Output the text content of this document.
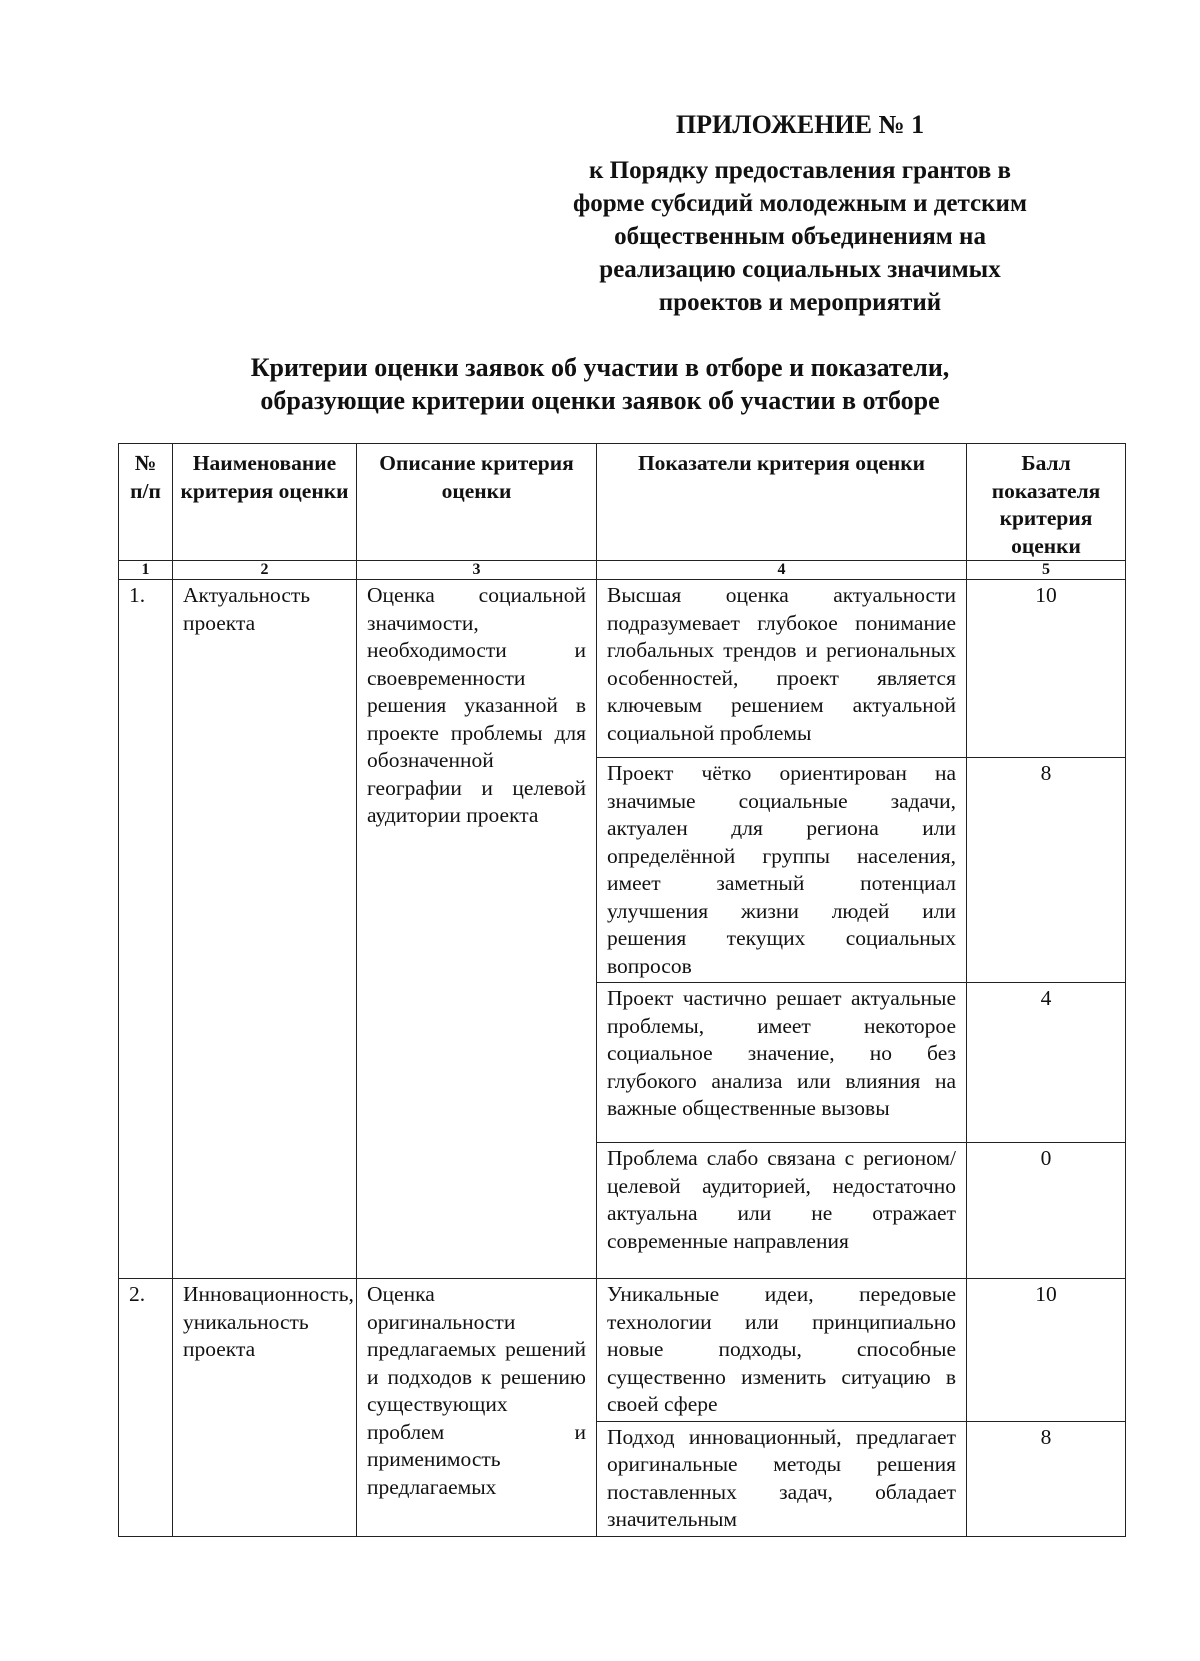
ПРИЛОЖЕНИЕ № 1
к Порядку предоставления грантов в
форме субсидий молодежным и детским
общественным объединениям на
реализацию социальных значимых
проектов и мероприятий
Критерии оценки заявок об участии в отборе и показатели,
образующие критерии оценки заявок об участии в отборе
№ п/п	Наименование критерия оценки	Описание критерия оценки	Показатели критерия оценки	Балл показателя критерия оценки
1	2	3	4	5
1.	Актуальность проекта	Оценка социальной значимости, необходимости и своевременности решения указанной в проекте проблемы для обозначенной географии и целевой аудитории проекта	Высшая оценка актуальности подразумевает глубокое понимание глобальных трендов и региональных особенностей, проект является ключевым решением актуальной социальной проблемы	10
			Проект чётко ориентирован на значимые социальные задачи, актуален для региона или определённой группы населения, имеет заметный потенциал улучшения жизни людей или решения текущих социальных вопросов	8
			Проект частично решает актуальные проблемы, имеет некоторое социальное значение, но без глубокого анализа или влияния на важные общественные вызовы	4
			Проблема слабо связана с регионом/целевой аудиторией, недостаточно актуальна или не отражает современные направления	0
2.	Инновационность, уникальность проекта	Оценка оригинальности предлагаемых решений и подходов к решению существующих проблем и применимость предлагаемых	Уникальные идеи, передовые технологии или принципиально новые подходы, способные существенно изменить ситуацию в своей сфере	10
			Подход инновационный, предлагает оригинальные методы решения поставленных задач, обладает значительным	8
